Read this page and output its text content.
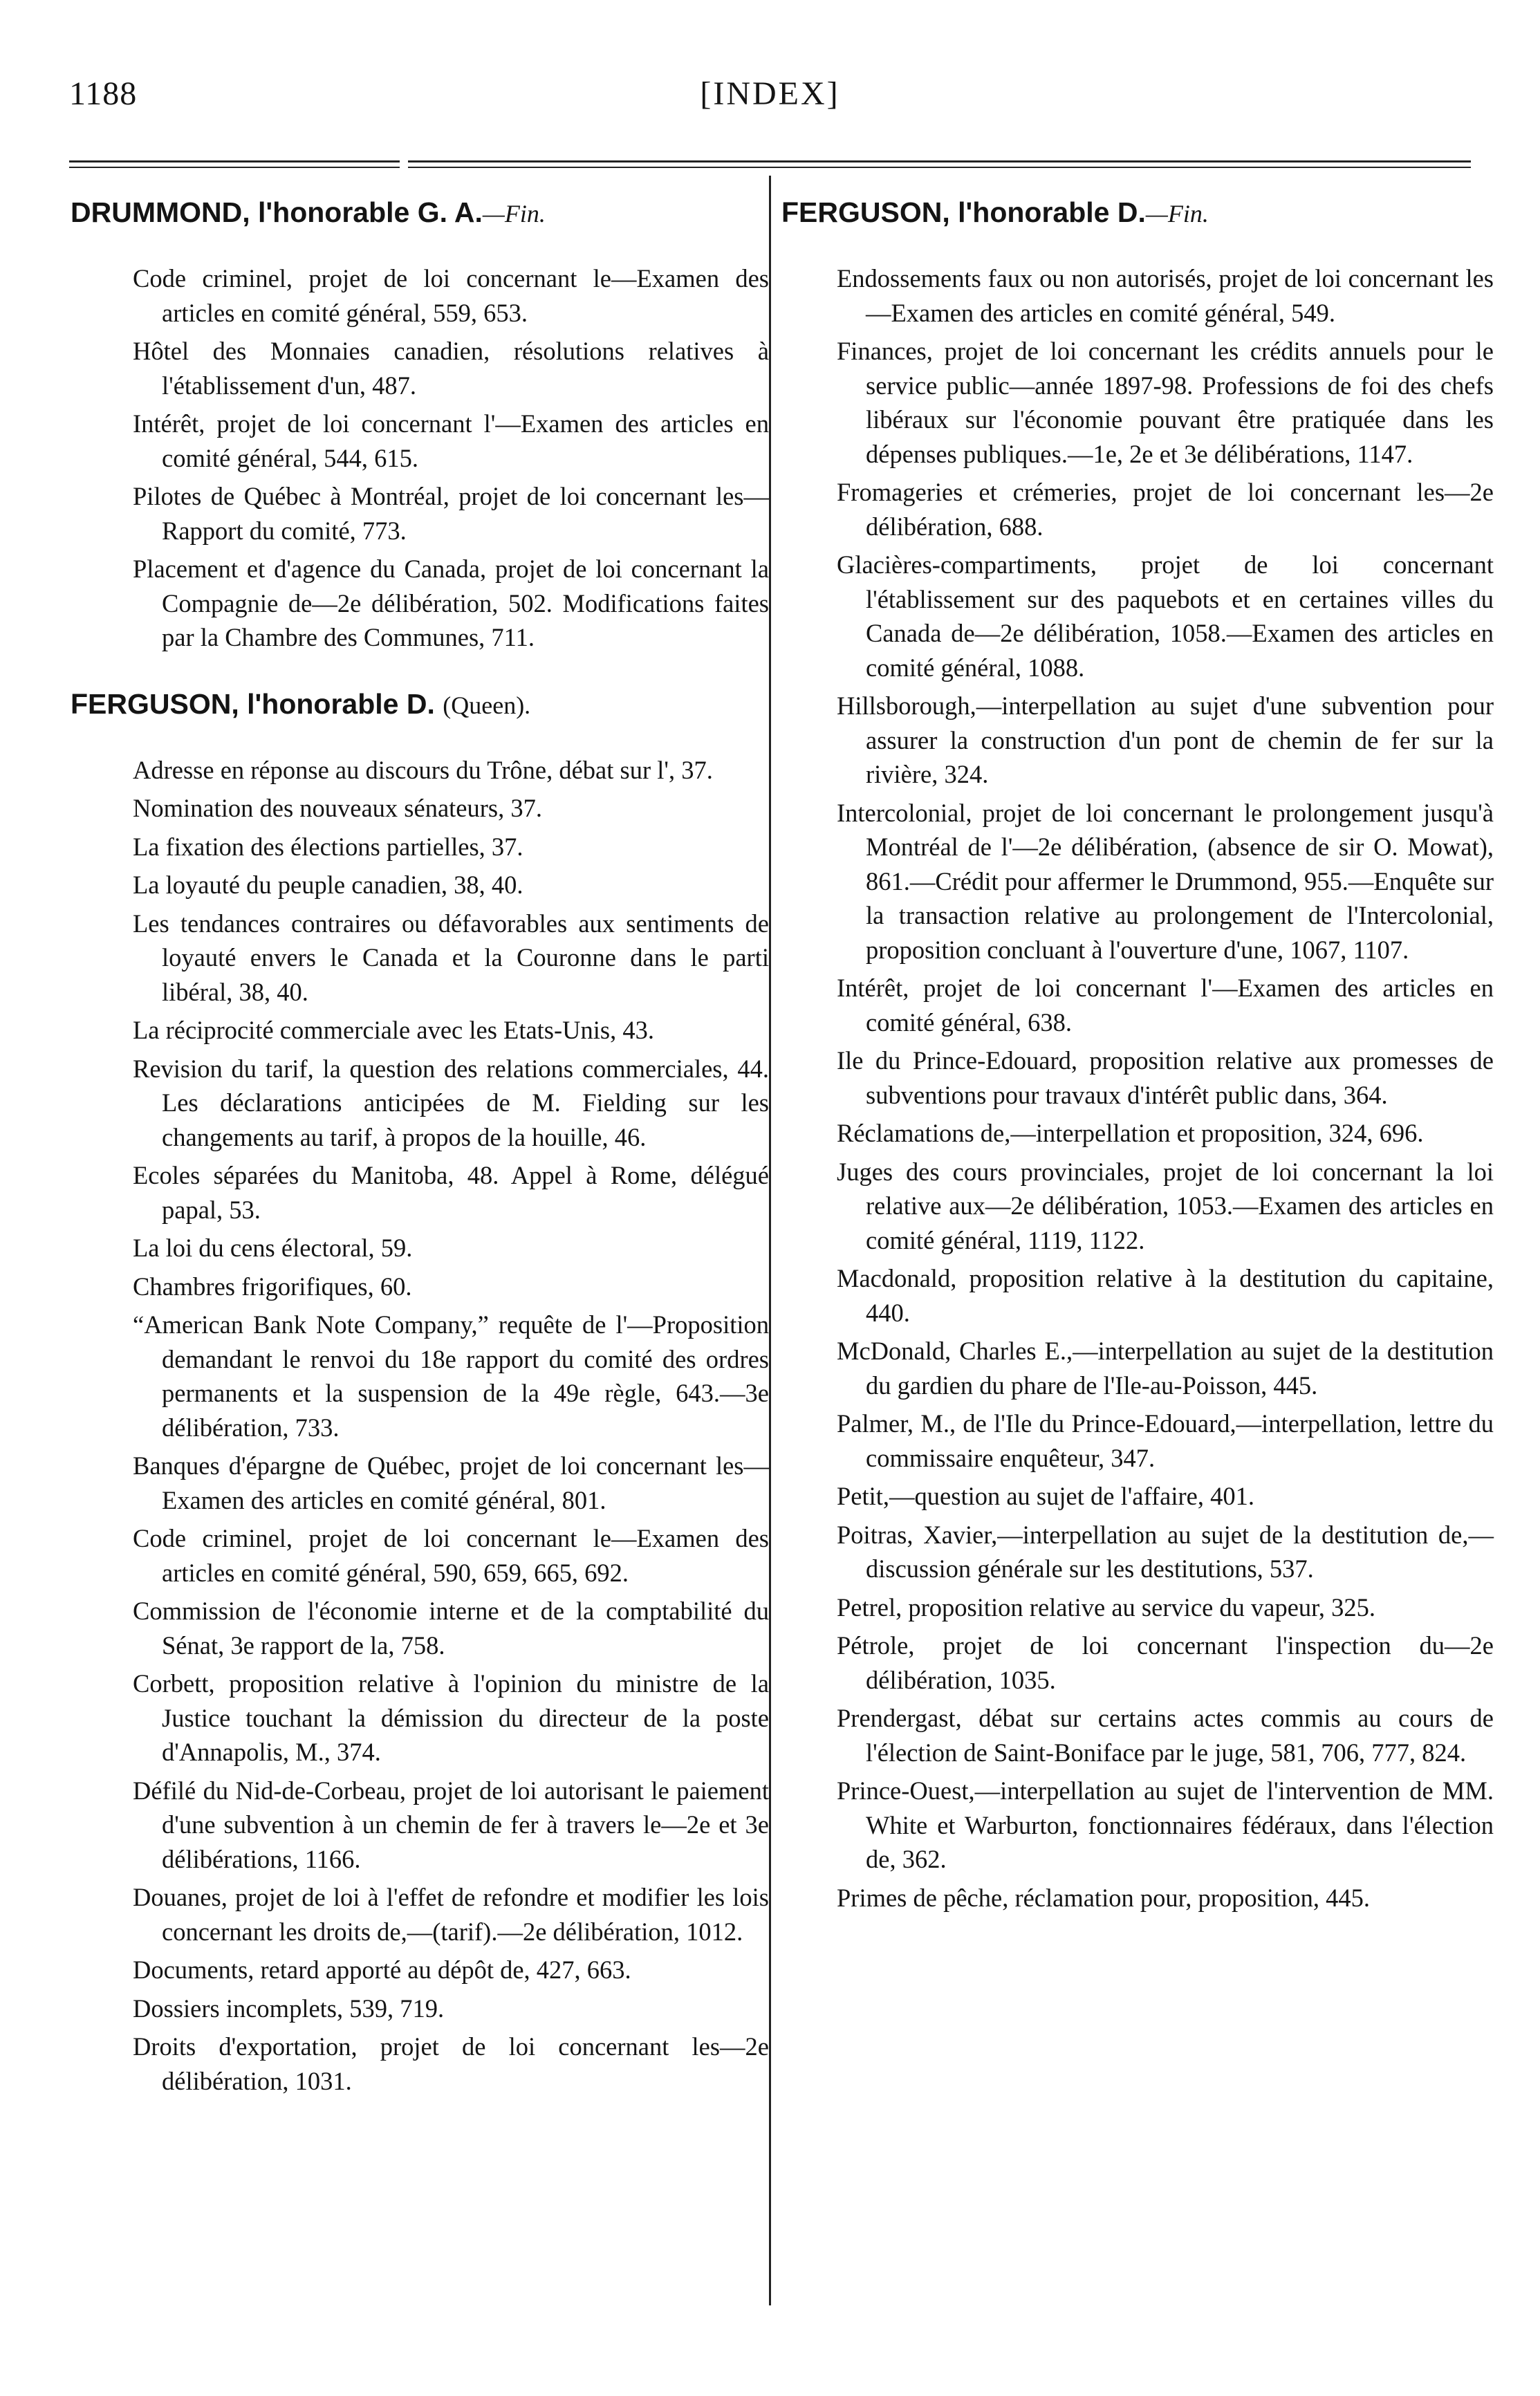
1188	[INDEX]
DRUMMOND, l'honorable G. A.—Fin.
Code criminel, projet de loi concernant le—Examen des articles en comité général, 559, 653.
Hôtel des Monnaies canadien, résolutions relatives à l'établissement d'un, 487.
Intérêt, projet de loi concernant l'—Examen des articles en comité général, 544, 615.
Pilotes de Québec à Montréal, projet de loi concernant les—Rapport du comité, 773.
Placement et d'agence du Canada, projet de loi concernant la Compagnie de—2e délibération, 502. Modifications faites par la Chambre des Communes, 711.
FERGUSON, l'honorable D. (Queen).
Adresse en réponse au discours du Trône, débat sur l', 37.
Nomination des nouveaux sénateurs, 37.
La fixation des élections partielles, 37.
La loyauté du peuple canadien, 38, 40.
Les tendances contraires ou défavorables aux sentiments de loyauté envers le Canada et la Couronne dans le parti libéral, 38, 40.
La réciprocité commerciale avec les Etats-Unis, 43.
Revision du tarif, la question des relations commerciales, 44. Les déclarations anticipées de M. Fielding sur les changements au tarif, à propos de la houille, 46.
Ecoles séparées du Manitoba, 48. Appel à Rome, délégué papal, 53.
La loi du cens électoral, 59.
Chambres frigorifiques, 60.
“American Bank Note Company,” requête de l'—Proposition demandant le renvoi du 18e rapport du comité des ordres permanents et la suspension de la 49e règle, 643.—3e délibération, 733.
Banques d'épargne de Québec, projet de loi concernant les—Examen des articles en comité général, 801.
Code criminel, projet de loi concernant le—Examen des articles en comité général, 590, 659, 665, 692.
Commission de l'économie interne et de la comptabilité du Sénat, 3e rapport de la, 758.
Corbett, proposition relative à l'opinion du ministre de la Justice touchant la démission du directeur de la poste d'Annapolis, M., 374.
Défilé du Nid-de-Corbeau, projet de loi autorisant le paiement d'une subvention à un chemin de fer à travers le—2e et 3e délibérations, 1166.
Douanes, projet de loi à l'effet de refondre et modifier les lois concernant les droits de,—(tarif).—2e délibération, 1012.
Documents, retard apporté au dépôt de, 427, 663.
Dossiers incomplets, 539, 719.
Droits d'exportation, projet de loi concernant les—2e délibération, 1031.
FERGUSON, l'honorable D.—Fin.
Endossements faux ou non autorisés, projet de loi concernant les—Examen des articles en comité général, 549.
Finances, projet de loi concernant les crédits annuels pour le service public—année 1897-98. Professions de foi des chefs libéraux sur l'économie pouvant être pratiquée dans les dépenses publiques.—1e, 2e et 3e délibérations, 1147.
Fromageries et crémeries, projet de loi concernant les—2e délibération, 688.
Glacières-compartiments, projet de loi concernant l'établissement sur des paquebots et en certaines villes du Canada de—2e délibération, 1058.—Examen des articles en comité général, 1088.
Hillsborough,—interpellation au sujet d'une subvention pour assurer la construction d'un pont de chemin de fer sur la rivière, 324.
Intercolonial, projet de loi concernant le prolongement jusqu'à Montréal de l'—2e délibération, (absence de sir O. Mowat), 861.—Crédit pour affermer le Drummond, 955.—Enquête sur la transaction relative au prolongement de l'Intercolonial, proposition concluant à l'ouverture d'une, 1067, 1107.
Intérêt, projet de loi concernant l'—Examen des articles en comité général, 638.
Ile du Prince-Edouard, proposition relative aux promesses de subventions pour travaux d'intérêt public dans, 364.
Réclamations de,—interpellation et proposition, 324, 696.
Juges des cours provinciales, projet de loi concernant la loi relative aux—2e délibération, 1053.—Examen des articles en comité général, 1119, 1122.
Macdonald, proposition relative à la destitution du capitaine, 440.
McDonald, Charles E.,—interpellation au sujet de la destitution du gardien du phare de l'Ile-au-Poisson, 445.
Palmer, M., de l'Ile du Prince-Edouard,—interpellation, lettre du commissaire enquêteur, 347.
Petit,—question au sujet de l'affaire, 401.
Poitras, Xavier,—interpellation au sujet de la destitution de,—discussion générale sur les destitutions, 537.
Petrel, proposition relative au service du vapeur, 325.
Pétrole, projet de loi concernant l'inspection du—2e délibération, 1035.
Prendergast, débat sur certains actes commis au cours de l'élection de Saint-Boniface par le juge, 581, 706, 777, 824.
Prince-Ouest,—interpellation au sujet de l'intervention de MM. White et Warburton, fonctionnaires fédéraux, dans l'élection de, 362.
Primes de pêche, réclamation pour, proposition, 445.
